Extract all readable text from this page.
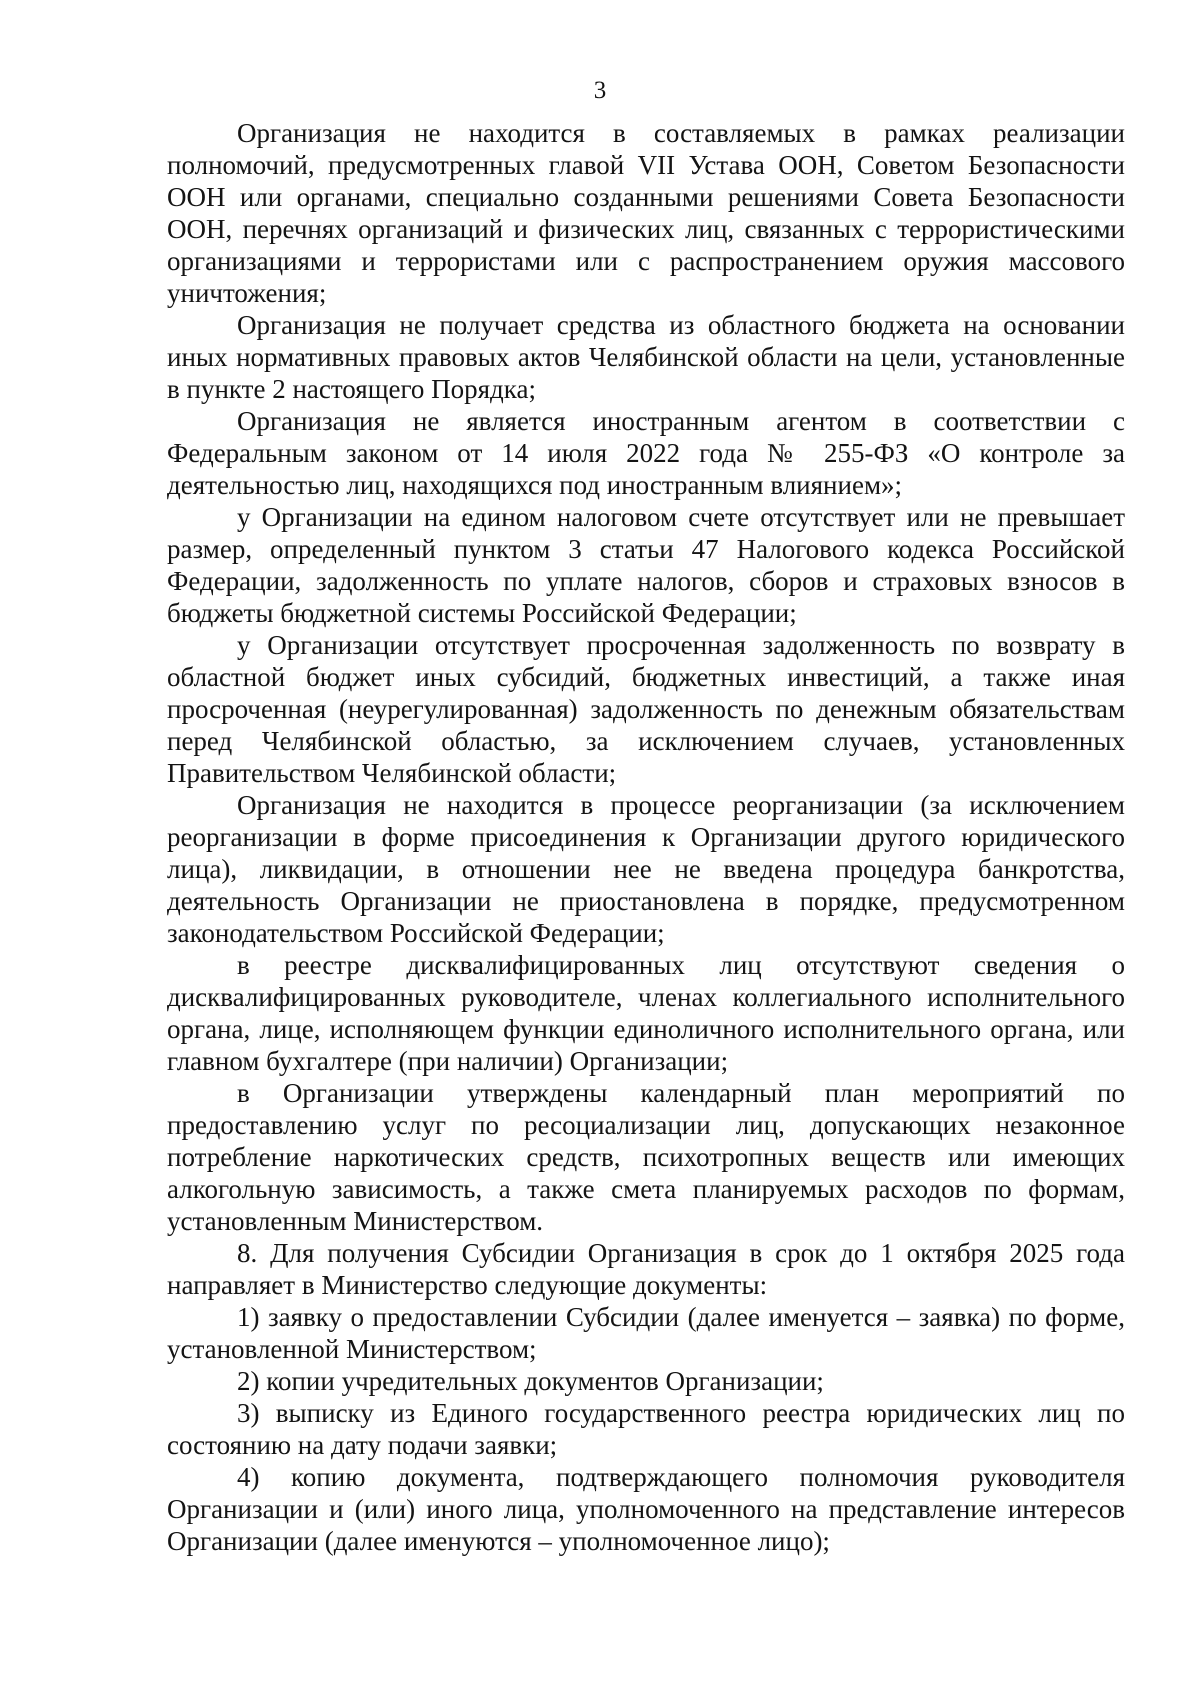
3

Организация не находится в составляемых в рамках реализации полномочий, предусмотренных главой VII Устава ООН, Советом Безопасности ООН или органами, специально созданными решениями Совета Безопасности ООН, перечнях организаций и физических лиц, связанных с террористическими организациями и террористами или с распространением оружия массового уничтожения;

Организация не получает средства из областного бюджета на основании иных нормативных правовых актов Челябинской области на цели, установленные в пункте 2 настоящего Порядка;

Организация не является иностранным агентом в соответствии с Федеральным законом от 14 июля 2022 года № 255-ФЗ «О контроле за деятельностью лиц, находящихся под иностранным влиянием»;

у Организации на едином налоговом счете отсутствует или не превышает размер, определенный пунктом 3 статьи 47 Налогового кодекса Российской Федерации, задолженность по уплате налогов, сборов и страховых взносов в бюджеты бюджетной системы Российской Федерации;

у Организации отсутствует просроченная задолженность по возврату в областной бюджет иных субсидий, бюджетных инвестиций, а также иная просроченная (неурегулированная) задолженность по денежным обязательствам перед Челябинской областью, за исключением случаев, установленных Правительством Челябинской области;

Организация не находится в процессе реорганизации (за исключением реорганизации в форме присоединения к Организации другого юридического лица), ликвидации, в отношении нее не введена процедура банкротства, деятельность Организации не приостановлена в порядке, предусмотренном законодательством Российской Федерации;

в реестре дисквалифицированных лиц отсутствуют сведения о дисквалифицированных руководителе, членах коллегиального исполнительного органа, лице, исполняющем функции единоличного исполнительного органа, или главном бухгалтере (при наличии) Организации;

в Организации утверждены календарный план мероприятий по предоставлению услуг по ресоциализации лиц, допускающих незаконное потребление наркотических средств, психотропных веществ или имеющих алкогольную зависимость, а также смета планируемых расходов по формам, установленным Министерством.

8. Для получения Субсидии Организация в срок до 1 октября 2025 года направляет в Министерство следующие документы:

1) заявку о предоставлении Субсидии (далее именуется – заявка) по форме, установленной Министерством;

2) копии учредительных документов Организации;

3) выписку из Единого государственного реестра юридических лиц по состоянию на дату подачи заявки;

4) копию документа, подтверждающего полномочия руководителя Организации и (или) иного лица, уполномоченного на представление интересов Организации (далее именуются – уполномоченное лицо);
